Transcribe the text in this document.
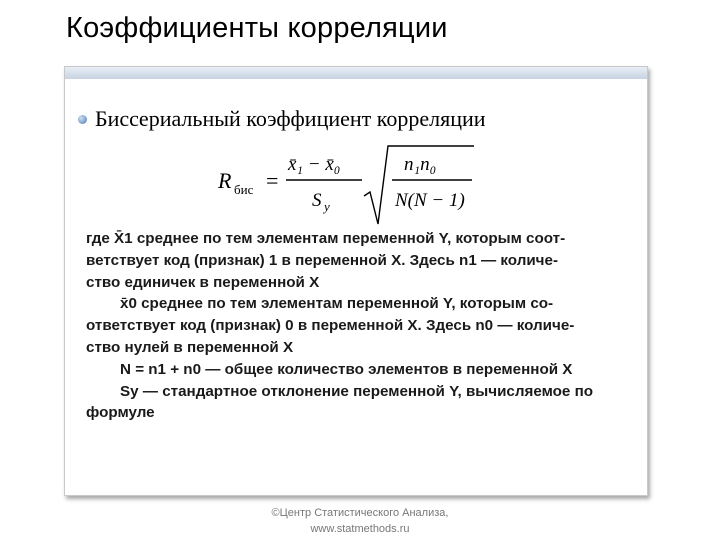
Коэффициенты корреляции
Бисcериальный коэффициент корреляции
R бис =
x̄₁ − x̄₀
S y
n₁n₀
N(N − 1)

где X̄1 среднее по тем элементам переменной Y, которым соот-

ветствует код (признак) 1 в переменной X. Здесь n1 — количе-

ство единичек в переменной X

x̄0 среднее по тем элементам переменной Y, которым со-

ответствует код (признак) 0 в переменной X. Здесь n0 — количе-

ство нулей в переменной X

N = n1 + n0 — общее количество элементов в переменной X

Sy — стандартное отклонение переменной Y, вычисляемое по

формуле

©Центр Статистического Анализа,
www.statmethods.ru
